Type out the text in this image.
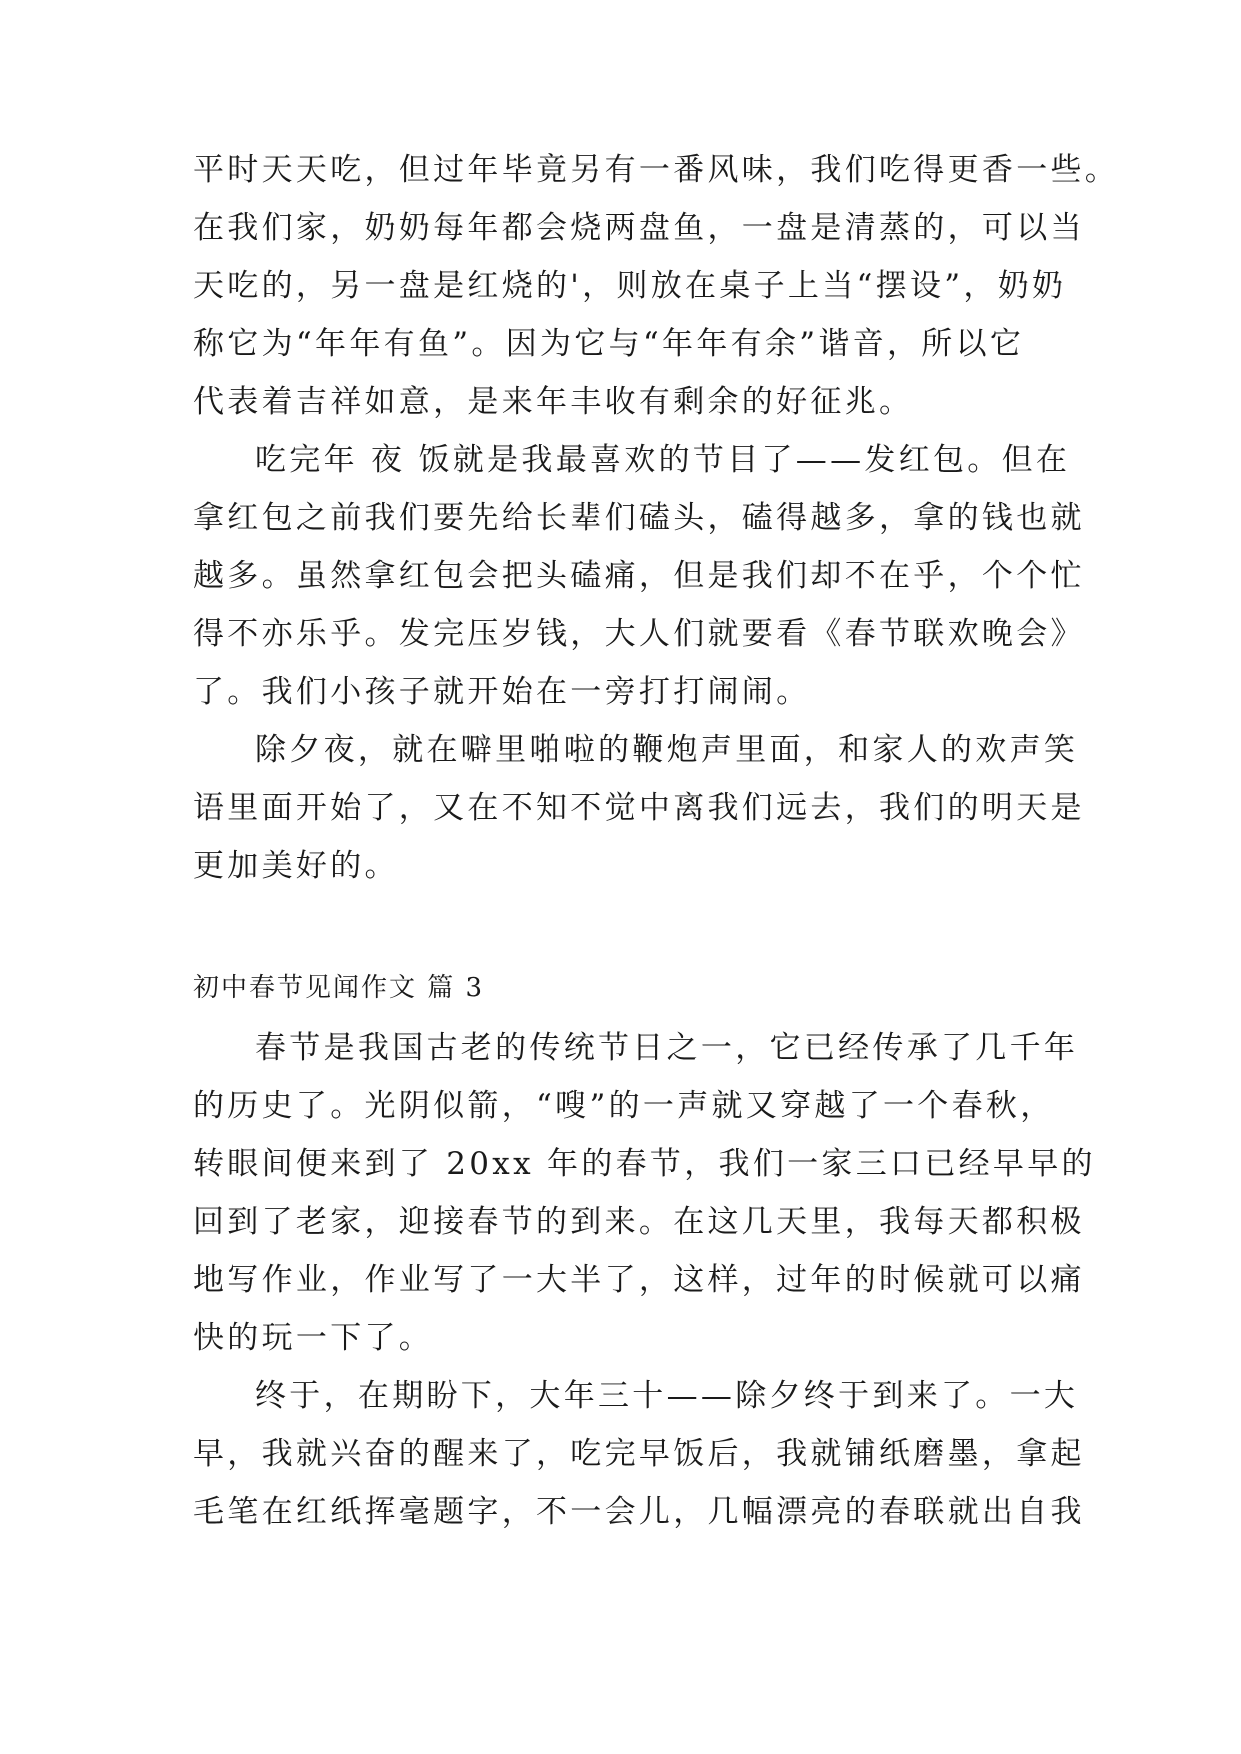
平时天天吃，但过年毕竟另有一番风味，我们吃得更香一些。
在我们家，奶奶每年都会烧两盘鱼，一盘是清蒸的，可以当
天吃的，另一盘是红烧的'，则放在桌子上当“摆设”，奶奶
称它为“年年有鱼”。因为它与“年年有余”谐音，所以它
代表着吉祥如意，是来年丰收有剩余的好征兆。
吃完年 夜 饭就是我最喜欢的节目了——发红包。但在
拿红包之前我们要先给长辈们磕头，磕得越多，拿的钱也就
越多。虽然拿红包会把头磕痛，但是我们却不在乎，个个忙
得不亦乐乎。发完压岁钱，大人们就要看《春节联欢晚会》
了。我们小孩子就开始在一旁打打闹闹。
除夕夜，就在噼里啪啦的鞭炮声里面，和家人的欢声笑
语里面开始了，又在不知不觉中离我们远去，我们的明天是
更加美好的。
初中春节见闻作文 篇 3
春节是我国古老的传统节日之一，它已经传承了几千年
的历史了。光阴似箭，“嗖”的一声就又穿越了一个春秋，
转眼间便来到了 20xx 年的春节，我们一家三口已经早早的
回到了老家，迎接春节的到来。在这几天里，我每天都积极
地写作业，作业写了一大半了，这样，过年的时候就可以痛
快的玩一下了。
终于，在期盼下，大年三十——除夕终于到来了。一大
早，我就兴奋的醒来了，吃完早饭后，我就铺纸磨墨，拿起
毛笔在红纸挥毫题字，不一会儿，几幅漂亮的春联就出自我
